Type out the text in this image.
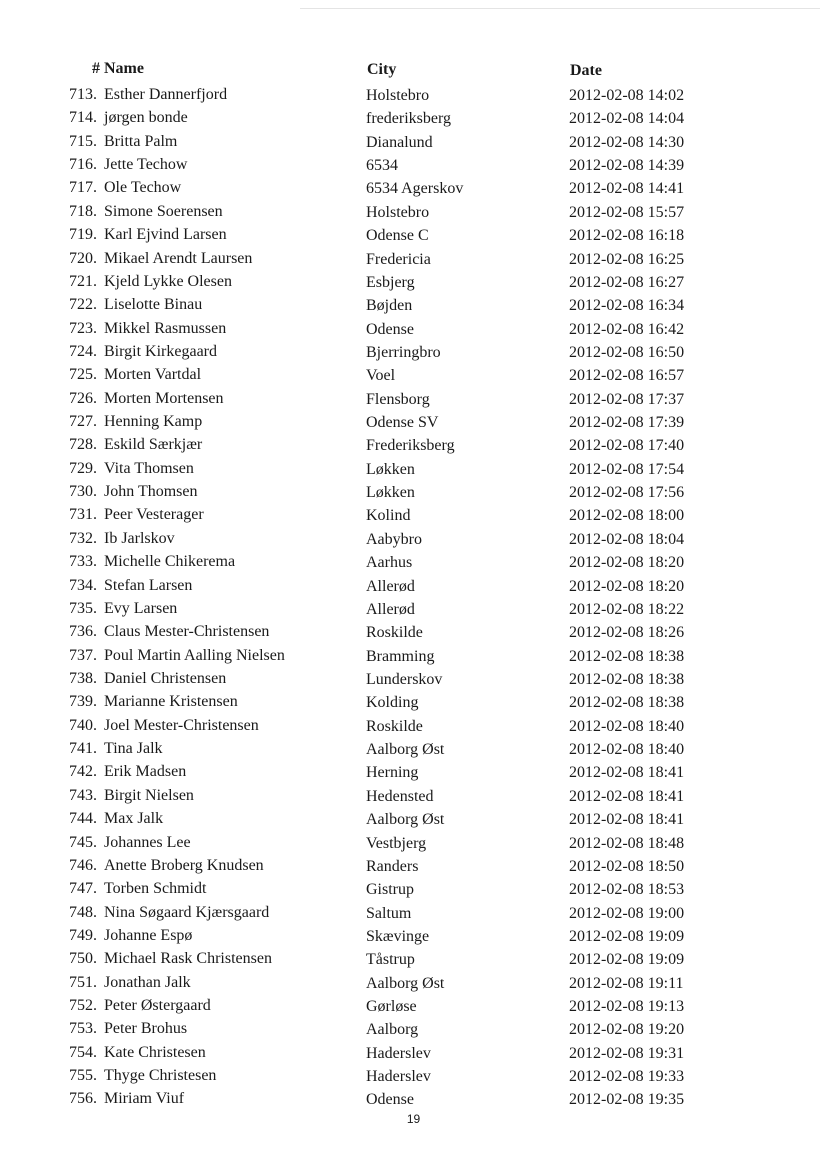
# Name	City	Date
713. Esther Dannerfjord	Holstebro	2012-02-08 14:02
714. jørgen bonde	frederiksberg	2012-02-08 14:04
715. Britta Palm	Dianalund	2012-02-08 14:30
716. Jette Techow	6534	2012-02-08 14:39
717. Ole Techow	6534 Agerskov	2012-02-08 14:41
718. Simone Soerensen	Holstebro	2012-02-08 15:57
719. Karl Ejvind Larsen	Odense C	2012-02-08 16:18
720. Mikael Arendt Laursen	Fredericia	2012-02-08 16:25
721. Kjeld Lykke Olesen	Esbjerg	2012-02-08 16:27
722. Liselotte Binau	Bøjden	2012-02-08 16:34
723. Mikkel Rasmussen	Odense	2012-02-08 16:42
724. Birgit Kirkegaard	Bjerringbro	2012-02-08 16:50
725. Morten Vartdal	Voel	2012-02-08 16:57
726. Morten Mortensen	Flensborg	2012-02-08 17:37
727. Henning Kamp	Odense SV	2012-02-08 17:39
728. Eskild Særkjær	Frederiksberg	2012-02-08 17:40
729. Vita Thomsen	Løkken	2012-02-08 17:54
730. John Thomsen	Løkken	2012-02-08 17:56
731. Peer Vesterager	Kolind	2012-02-08 18:00
732. Ib Jarlskov	Aabybro	2012-02-08 18:04
733. Michelle Chikerema	Aarhus	2012-02-08 18:20
734. Stefan Larsen	Allerød	2012-02-08 18:20
735. Evy Larsen	Allerød	2012-02-08 18:22
736. Claus Mester-Christensen	Roskilde	2012-02-08 18:26
737. Poul Martin Aalling Nielsen	Bramming	2012-02-08 18:38
738. Daniel Christensen	Lunderskov	2012-02-08 18:38
739. Marianne Kristensen	Kolding	2012-02-08 18:38
740. Joel Mester-Christensen	Roskilde	2012-02-08 18:40
741. Tina Jalk	Aalborg Øst	2012-02-08 18:40
742. Erik Madsen	Herning	2012-02-08 18:41
743. Birgit Nielsen	Hedensted	2012-02-08 18:41
744. Max Jalk	Aalborg Øst	2012-02-08 18:41
745. Johannes Lee	Vestbjerg	2012-02-08 18:48
746. Anette Broberg Knudsen	Randers	2012-02-08 18:50
747. Torben Schmidt	Gistrup	2012-02-08 18:53
748. Nina Søgaard Kjærsgaard	Saltum	2012-02-08 19:00
749. Johanne Espø	Skævinge	2012-02-08 19:09
750. Michael Rask Christensen	Tåstrup	2012-02-08 19:09
751. Jonathan Jalk	Aalborg Øst	2012-02-08 19:11
752. Peter Østergaard	Gørløse	2012-02-08 19:13
753. Peter Brohus	Aalborg	2012-02-08 19:20
754. Kate Christesen	Haderslev	2012-02-08 19:31
755. Thyge Christesen	Haderslev	2012-02-08 19:33
756. Miriam Viuf	Odense	2012-02-08 19:35
19
